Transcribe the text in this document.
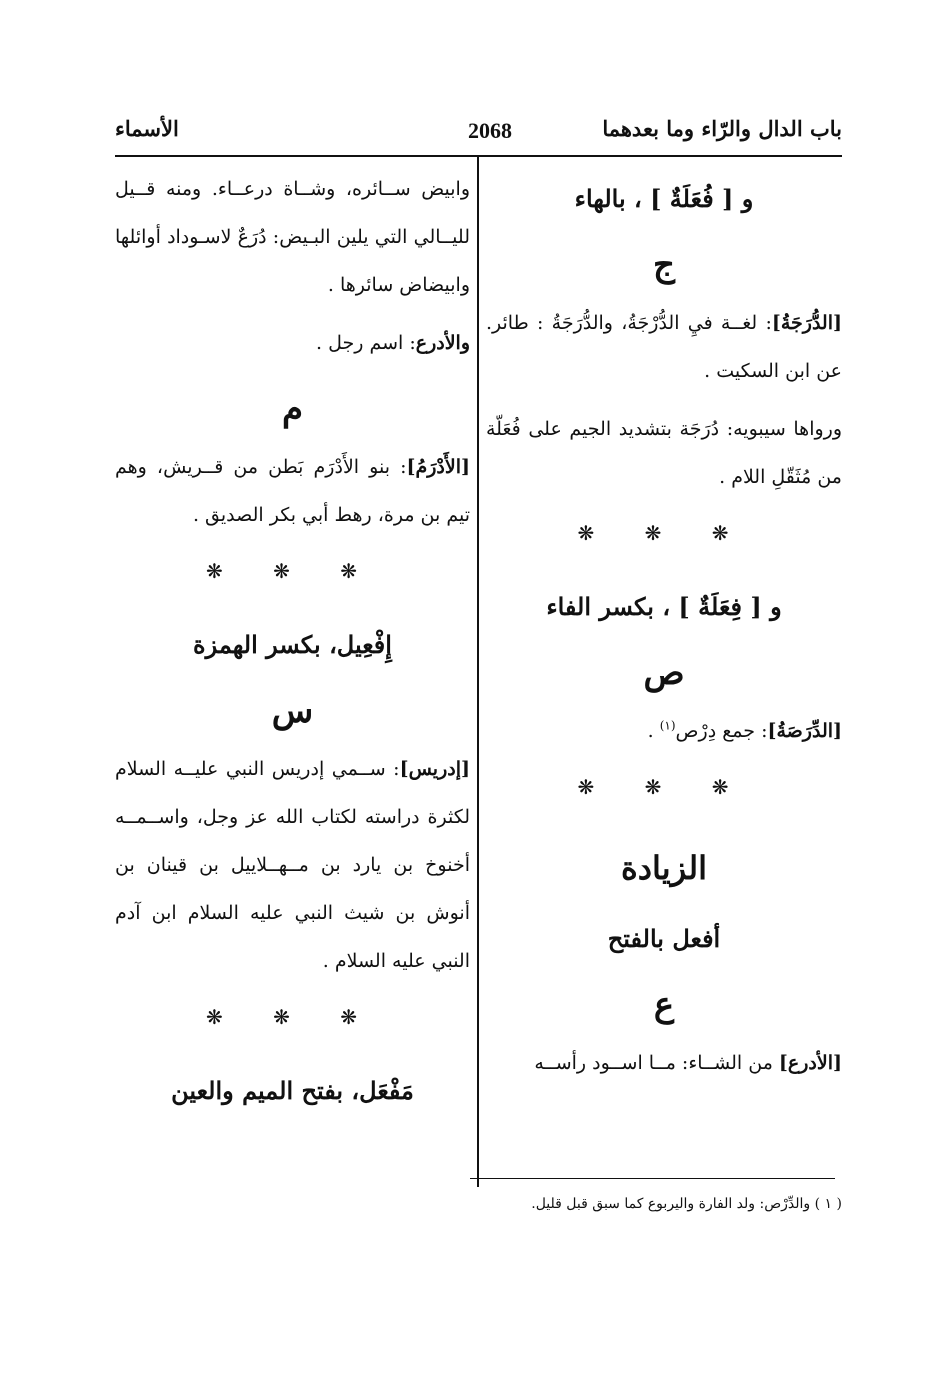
باب الدال والرّاء وما بعدهما
2068
الأسماء
و [ فُعَلَةٌ ] ، بالهاء
ج

[الدُّرَجَةُ]: لغــة فيِ الدُّرْجَةُ، والدُّرَجَةُ : طائر. عن ابن السكيت .

ورواها سيبويه: دُرَجَة بتشديد الجيم على فُعَلّة من مُثَقّلِ اللام .

❋ ❋ ❋
و [ فِعَلَةٌ ] ، بكسر الفاء
ص

[الدِّرَصَةُ]: جمع دِرْص$^{(١)}$ .

❋ ❋ ❋
الزيادة
أفعل بالفتح
ع

[الأدرع] من الشــاء: مــا اســود رأســه

وابيض ســائره، وشــاة درعــاء. ومنه قــيل لليــالي التي يلين البـيض: دُرَعٌ لاسـوداد أوائلها وابيضاض سائرها .

والأدرع: اسم رجل .

م

[الأَدْرَمُ]: بنو الأَدْرَم بَطن من قــريش، وهم تيم بن مرة، رهط أبي بكر الصديق .

❋ ❋ ❋
إِفْعِيل، بكسر الهمزة
س

[إدريس]: ســمي إدريس النبي عليــه السلام لكثرة دراسته لكتاب الله عز وجل، واســمــه أخنوخ بن يارد بن مــهــلاييل بن قينان بن أنوش بن شيث النبي عليه السلام ابن آدم النبي عليه السلام .

❋ ❋ ❋
مَفْعَل، بفتح الميم والعين
( ١ ) والدِّرْص: ولد الفارة واليربوع كما سبق قبل قليل.
